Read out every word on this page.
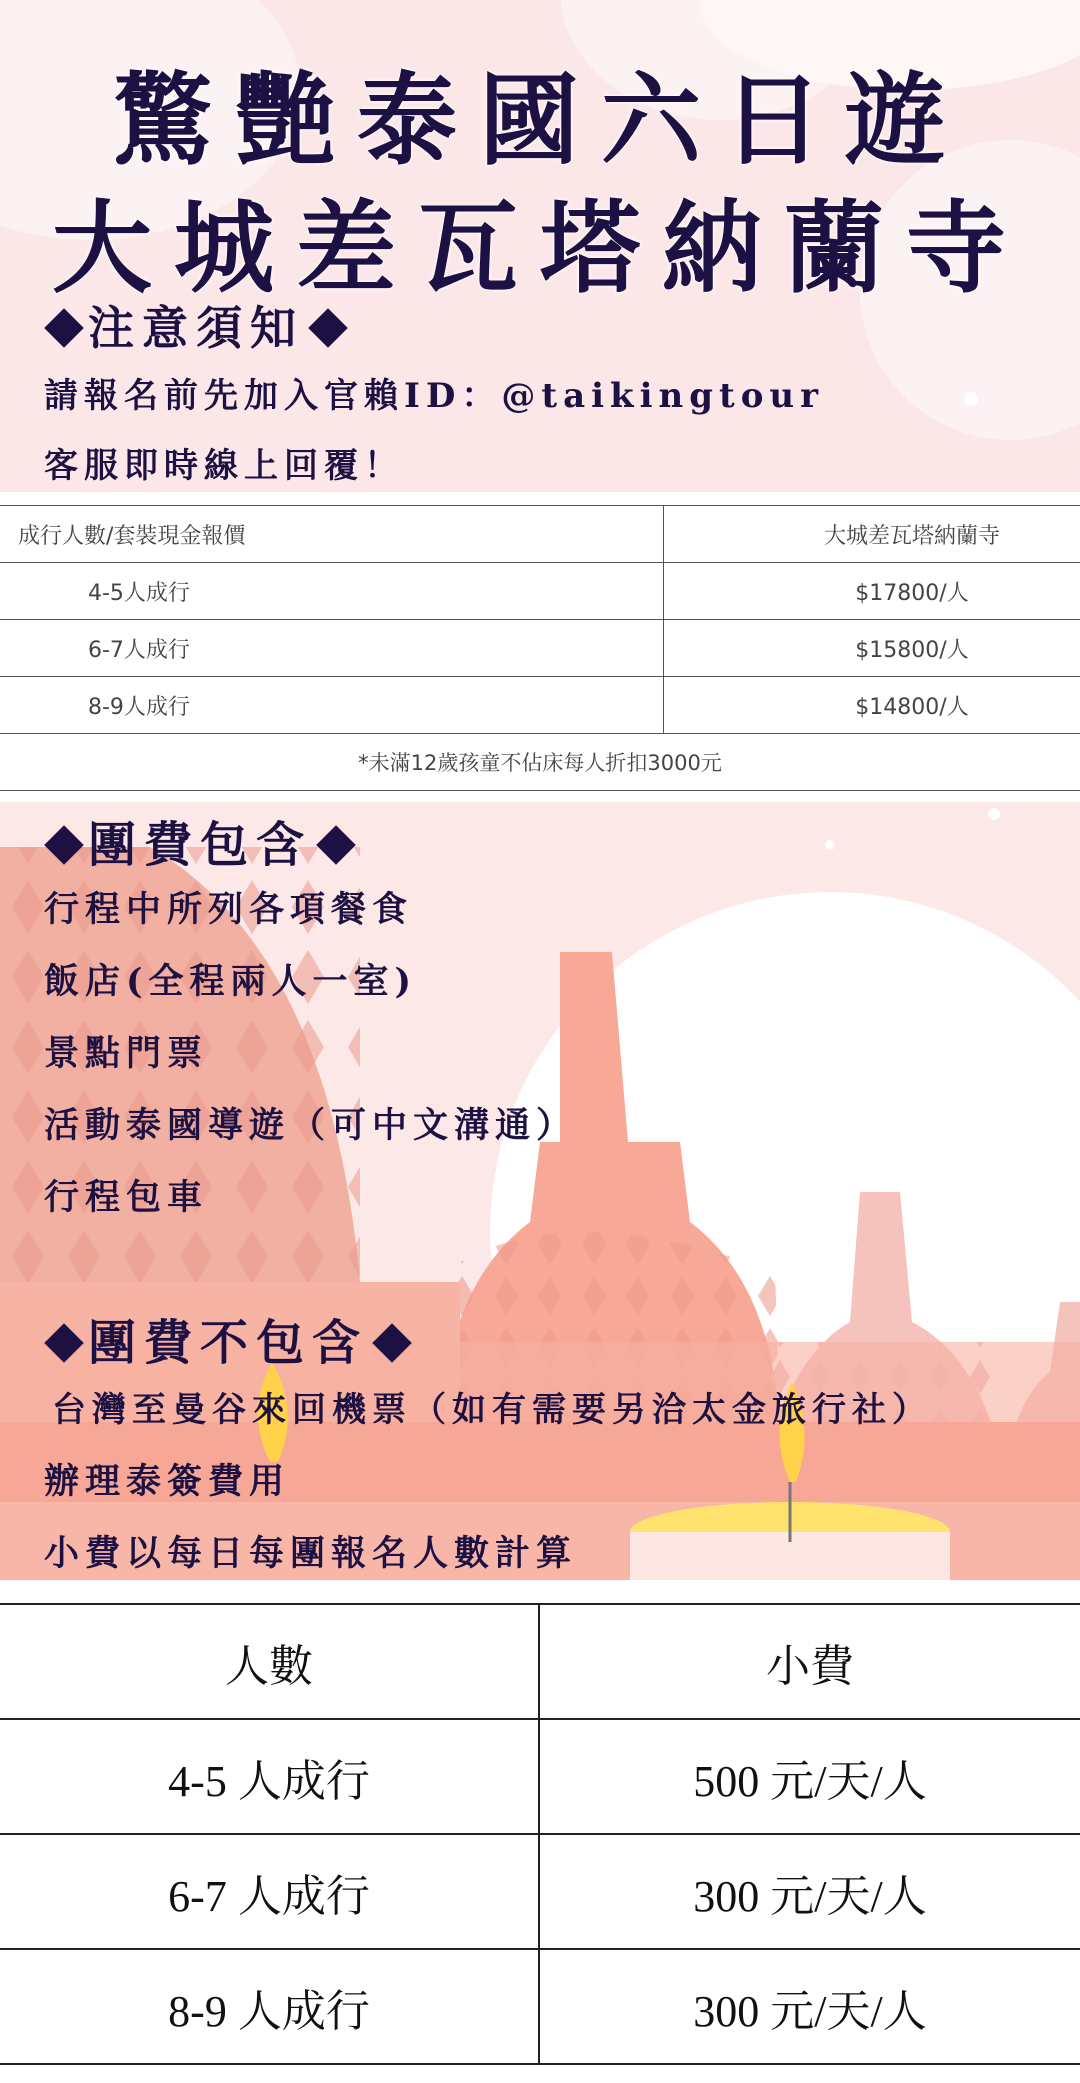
驚艷泰國六日遊
大城差瓦塔納蘭寺
注意須知
請報名前先加入官賴ID：@taikingtour
客服即時線上回覆！
成行人數/套裝現金報價	大城差瓦塔納蘭寺
4-5人成行	$17800/人
6-7人成行	$15800/人
8-9人成行	$14800/人
*未滿12歲孩童不佔床每人折扣3000元	
團費包含
行程中所列各項餐食
飯店(全程兩人一室)
景點門票
活動泰國導遊（可中文溝通）
行程包車
團費不包含
台灣至曼谷來回機票（如有需要另洽太金旅行社）
辦理泰簽費用
小費以每日每團報名人數計算
人數	小費
4-5 人成行	500 元/天/人
6-7 人成行	300 元/天/人
8-9 人成行	300 元/天/人
